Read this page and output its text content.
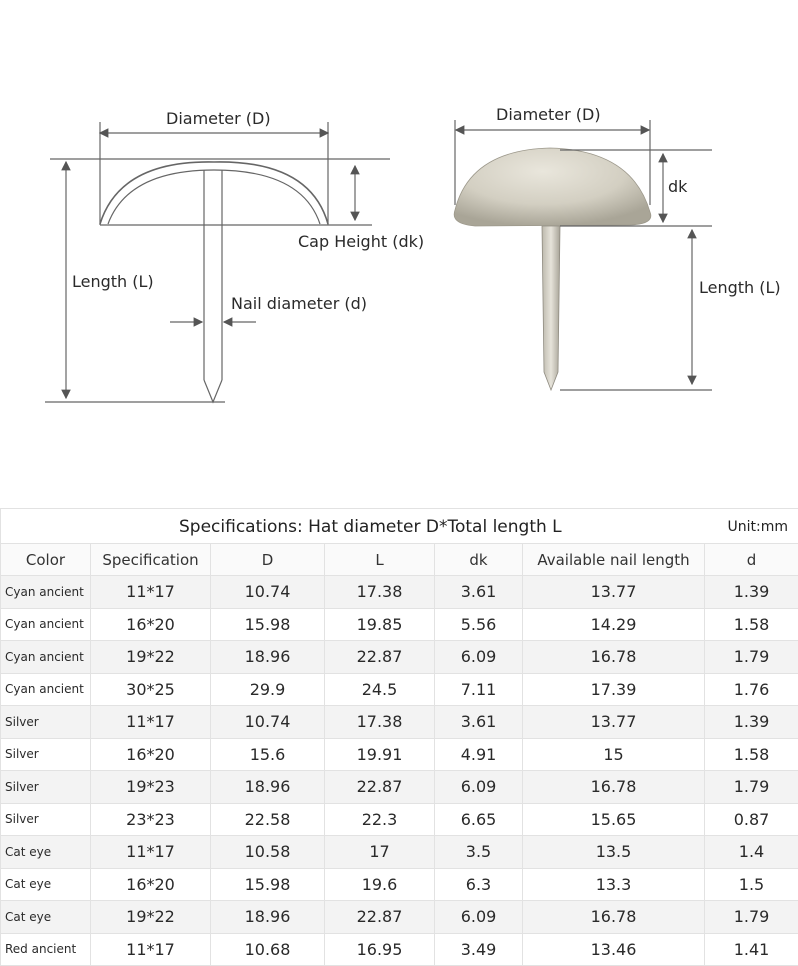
Diameter (D)
Cap Height (dk)
Length (L)
Nail diameter (d)
Diameter (D)
dk
Length (L)
Specifications: Hat diameter D*Total length L Unit:mm						

Color	Specification	D	L	dk	Available nail length	d
Cyan ancient	11*17	10.74	17.38	3.61	13.77	1.39
Cyan ancient	16*20	15.98	19.85	5.56	14.29	1.58
Cyan ancient	19*22	18.96	22.87	6.09	16.78	1.79
Cyan ancient	30*25	29.9	24.5	7.11	17.39	1.76
Silver	11*17	10.74	17.38	3.61	13.77	1.39
Silver	16*20	15.6	19.91	4.91	15	1.58
Silver	19*23	18.96	22.87	6.09	16.78	1.79
Silver	23*23	22.58	22.3	6.65	15.65	0.87
Cat eye	11*17	10.58	17	3.5	13.5	1.4
Cat eye	16*20	15.98	19.6	6.3	13.3	1.5
Cat eye	19*22	18.96	22.87	6.09	16.78	1.79
Red ancient	11*17	10.68	16.95	3.49	13.46	1.41
